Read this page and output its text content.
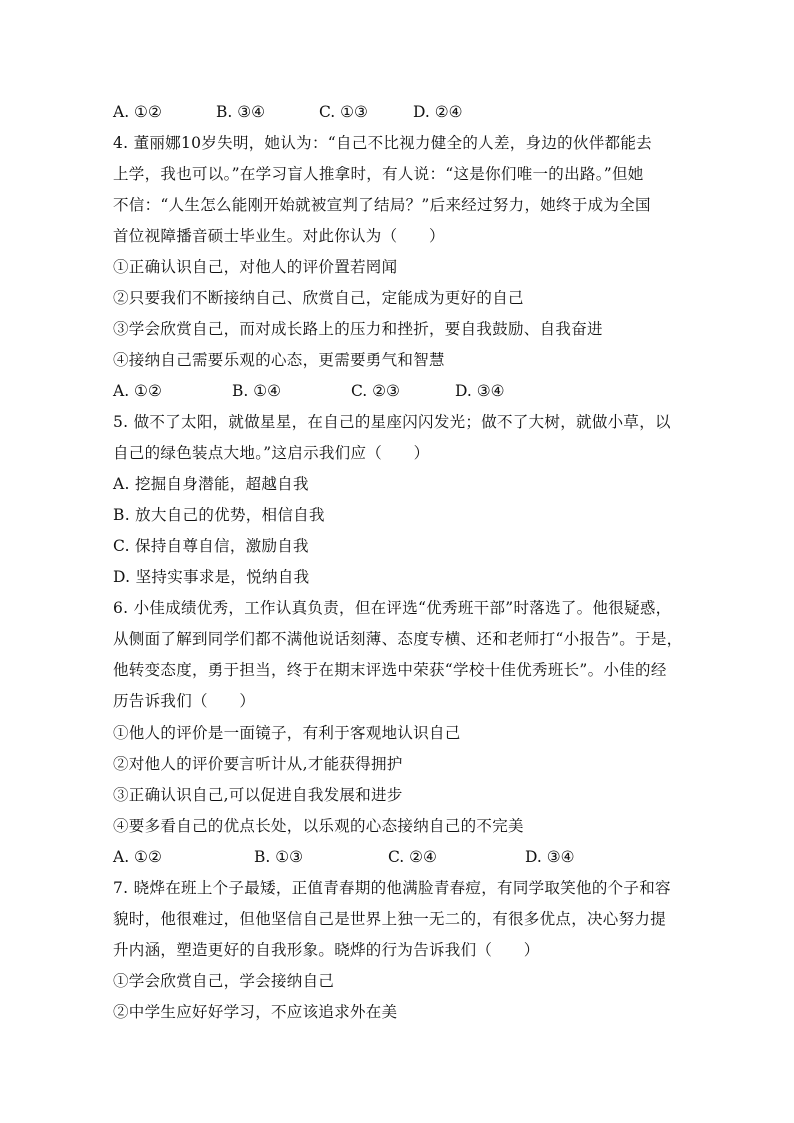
A. ①②	B. ③④	C. ①③	D. ②④
4. 董丽娜10岁失明，她认为：“自己不比视力健全的人差，身边的伙伴都能去
上学，我也可以。”在学习盲人推拿时，有人说：“这是你们唯一的出路。”但她
不信：“人生怎么能刚开始就被宣判了结局？”后来经过努力，她终于成为全国
首位视障播音硕士毕业生。对此你认为（　　）
①正确认识自己，对他人的评价置若罔闻
②只要我们不断接纳自己、欣赏自己，定能成为更好的自己
③学会欣赏自己，而对成长路上的压力和挫折，要自我鼓励、自我奋进
④接纳自己需要乐观的心态，更需要勇气和智慧
A. ①②	B. ①④	C. ②③	D. ③④
5. 做不了太阳，就做星星，在自己的星座闪闪发光；做不了大树，就做小草，以
自己的绿色装点大地。”这启示我们应（　　）
A. 挖掘自身潜能，超越自我
B. 放大自己的优势，相信自我
C. 保持自尊自信，激励自我
D. 坚持实事求是，悦纳自我
6. 小佳成绩优秀，工作认真负责，但在评选“优秀班干部”时落选了。他很疑惑，
从侧面了解到同学们都不满他说话刻薄、态度专横、还和老师打“小报告”。于是，
他转变态度，勇于担当，终于在期末评选中荣获“学校十佳优秀班长”。小佳的经
历告诉我们（　　）
①他人的评价是一面镜子，有利于客观地认识自己
②对他人的评价要言听计从,才能获得拥护
③正确认识自己,可以促进自我发展和进步
④要多看自己的优点长处，以乐观的心态接纳自己的不完美
A. ①②	B. ①③	C. ②④	D. ③④
7. 晓烨在班上个子最矮，正值青春期的他满脸青春痘，有同学取笑他的个子和容
貌时，他很难过，但他坚信自己是世界上独一无二的，有很多优点，决心努力提
升内涵，塑造更好的自我形象。晓烨的行为告诉我们（　　）
①学会欣赏自己，学会接纳自己
②中学生应好好学习，不应该追求外在美
